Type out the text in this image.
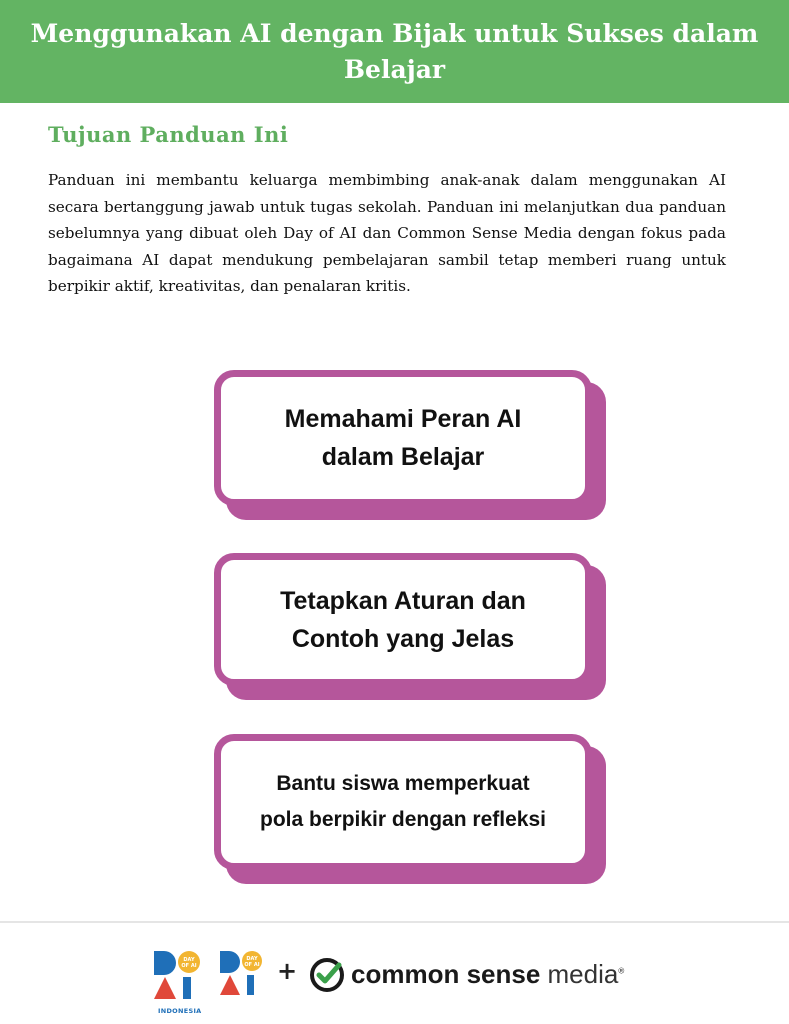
Menggunakan AI dengan Bijak untuk Sukses dalam Belajar
Tujuan Panduan Ini

Panduan ini membantu keluarga membimbing anak-anak dalam menggunakan AI secara bertanggung jawab untuk tugas sekolah. Panduan ini melanjutkan dua panduan sebelumnya yang dibuat oleh Day of AI dan Common Sense Media dengan fokus pada bagaimana AI dapat mendukung pembelajaran sambil tetap memberi ruang untuk berpikir aktif, kreativitas, dan penalaran kritis.

Memahami Peran AI
dalam Belajar
Tetapkan Aturan dan
Contoh yang Jelas
Bantu siswa memperkuat
pola berpikir dengan refleksi
DAY OF AI
INDONESIA
DAY OF AI + common sense media®
